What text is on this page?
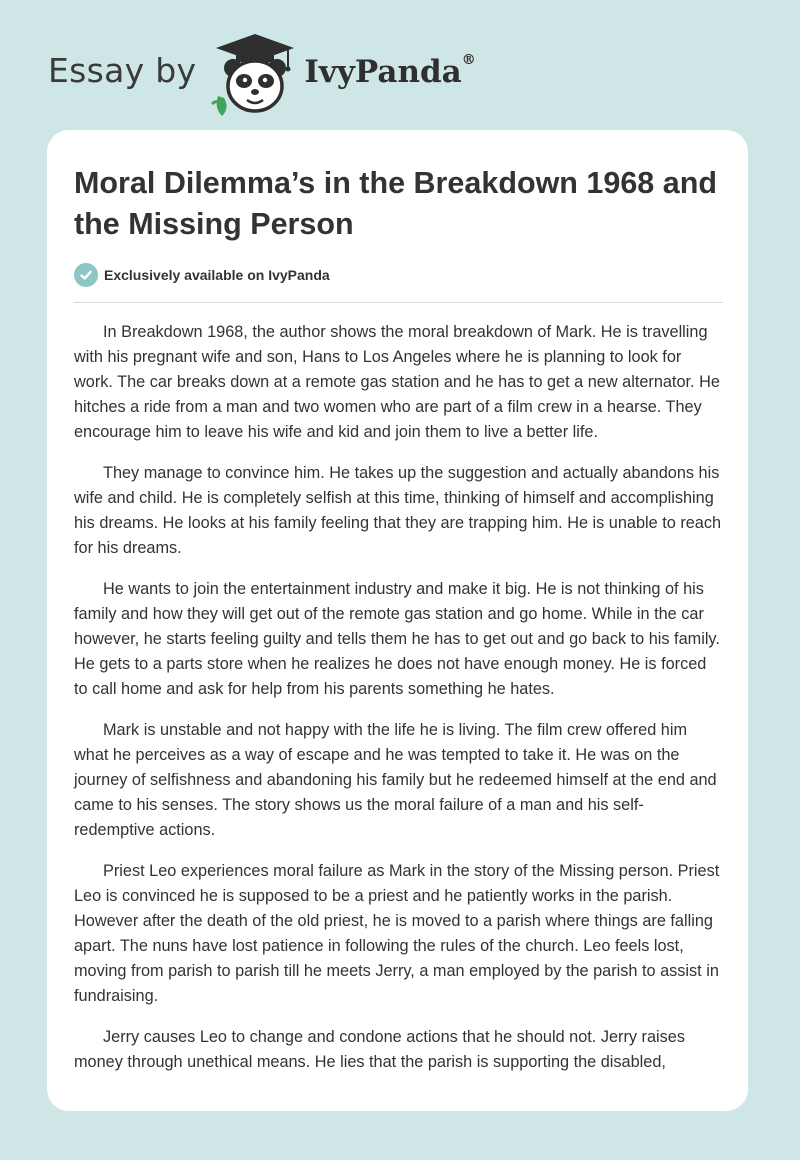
Essay by	IvyPanda®
Moral Dilemma’s in the Breakdown 1968 and the Missing Person
Exclusively available on IvyPanda

In Breakdown 1968, the author shows the moral breakdown of Mark. He is travelling with his pregnant wife and son, Hans to Los Angeles where he is planning to look for work. The car breaks down at a remote gas station and he has to get a new alternator. He hitches a ride from a man and two women who are part of a film crew in a hearse. They encourage him to leave his wife and kid and join them to live a better life.

They manage to convince him. He takes up the suggestion and actually abandons his wife and child. He is completely selfish at this time, thinking of himself and accomplishing his dreams. He looks at his family feeling that they are trapping him. He is unable to reach for his dreams.

He wants to join the entertainment industry and make it big. He is not thinking of his family and how they will get out of the remote gas station and go home. While in the car however, he starts feeling guilty and tells them he has to get out and go back to his family. He gets to a parts store when he realizes he does not have enough money. He is forced to call home and ask for help from his parents something he hates.

Mark is unstable and not happy with the life he is living. The film crew offered him what he perceives as a way of escape and he was tempted to take it. He was on the journey of selfishness and abandoning his family but he redeemed himself at the end and came to his senses. The story shows us the moral failure of a man and his self-redemptive actions.

Priest Leo experiences moral failure as Mark in the story of the Missing person. Priest Leo is convinced he is supposed to be a priest and he patiently works in the parish. However after the death of the old priest, he is moved to a parish where things are falling apart. The nuns have lost patience in following the rules of the church. Leo feels lost, moving from parish to parish till he meets Jerry, a man employed by the parish to assist in fundraising.

Jerry causes Leo to change and condone actions that he should not. Jerry raises money through unethical means. He lies that the parish is supporting the disabled,
